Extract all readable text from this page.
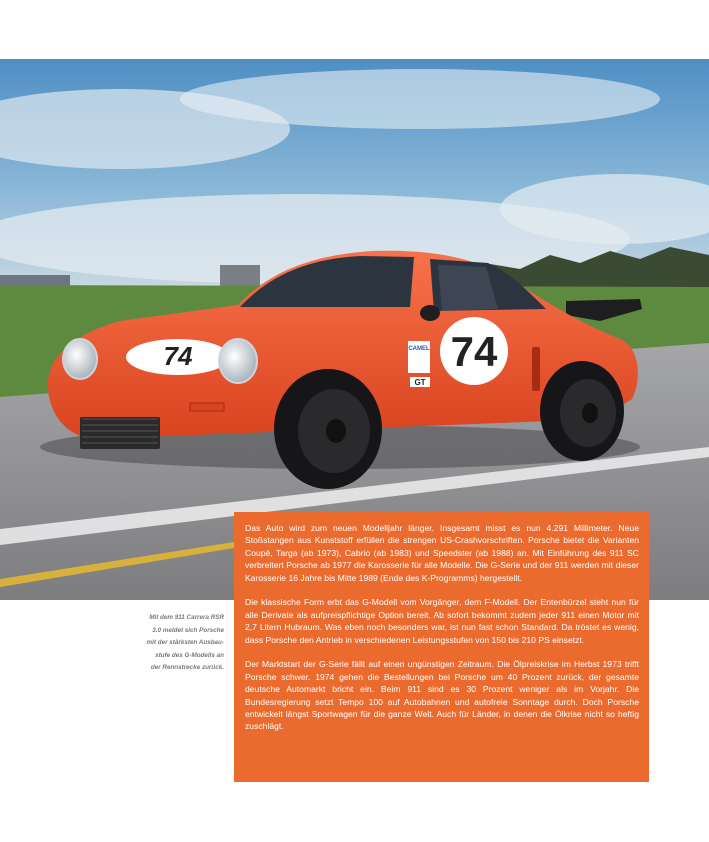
74	74
CAMEL
GT
Mit dem 911 Carrera RSR
3.0 meldet sich Porsche
mit der stärksten Ausbau-
stufe des G-Modells an
der Rennstrecke zurück.

Das Auto wird zum neuen Modelljahr länger. Insgesamt misst es nun 4.291 Millimeter. Neue Stoßstangen aus Kunststoff erfüllen die strengen US-Crashvorschriften. Porsche bietet die Varianten Coupé, Targa (ab 1973), Cabrio (ab 1983) und Speedster (ab 1988) an. Mit Einführung des 911 SC verbreitert Porsche ab 1977 die Karosserie für alle Modelle. Die G-Serie und der 911 werden mit dieser Karosserie 16 Jahre bis Mitte 1989 (Ende des K-Programms) hergestellt.

Die klassische Form erbt das G-Modell vom Vorgänger, dem F-Modell. Der Entenbürzel steht nun für alle Derivate als aufpreispflichtige Option bereit. Ab sofort bekommt zudem jeder 911 einen Motor mit 2,7 Litern Hubraum. Was eben noch besonders war, ist nun fast schon Standard. Da tröstet es wenig, dass Porsche den Antrieb in verschiedenen Leistungsstufen von 150 bis 210 PS einsetzt.

Der Marktstart der G-Serie fällt auf einen ungünstigen Zeitraum. Die Ölpreiskrise im Herbst 1973 trifft Porsche schwer. 1974 gehen die Bestellungen bei Porsche um 40 Prozent zurück, der gesamte deutsche Automarkt bricht ein. Beim 911 sind es 30 Prozent weniger als im Vorjahr. Die Bundesregierung setzt Tempo 100 auf Autobahnen und autofreie Sonntage durch. Doch Porsche entwickelt längst Sportwagen für die ganze Welt. Auch für Länder, in denen die Ölkrise nicht so heftig zuschlägt.
